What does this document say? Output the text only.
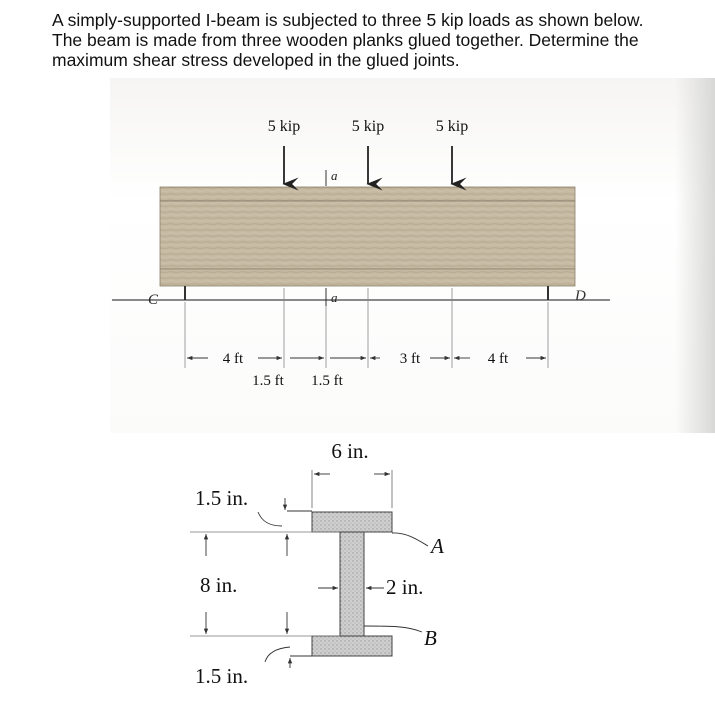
A simply-supported I-beam is subjected to three 5 kip loads as shown below.
The beam is made from three wooden planks glued together. Determine the
maximum shear stress developed in the glued joints.

C	D
5 kip	5 kip	5 kip
a
a
4 ft	3 ft	4 ft
1.5 ft 1.5 ft
6 in.
1.5 in.
8 in.	2 in.
A
B
1.5 in.
